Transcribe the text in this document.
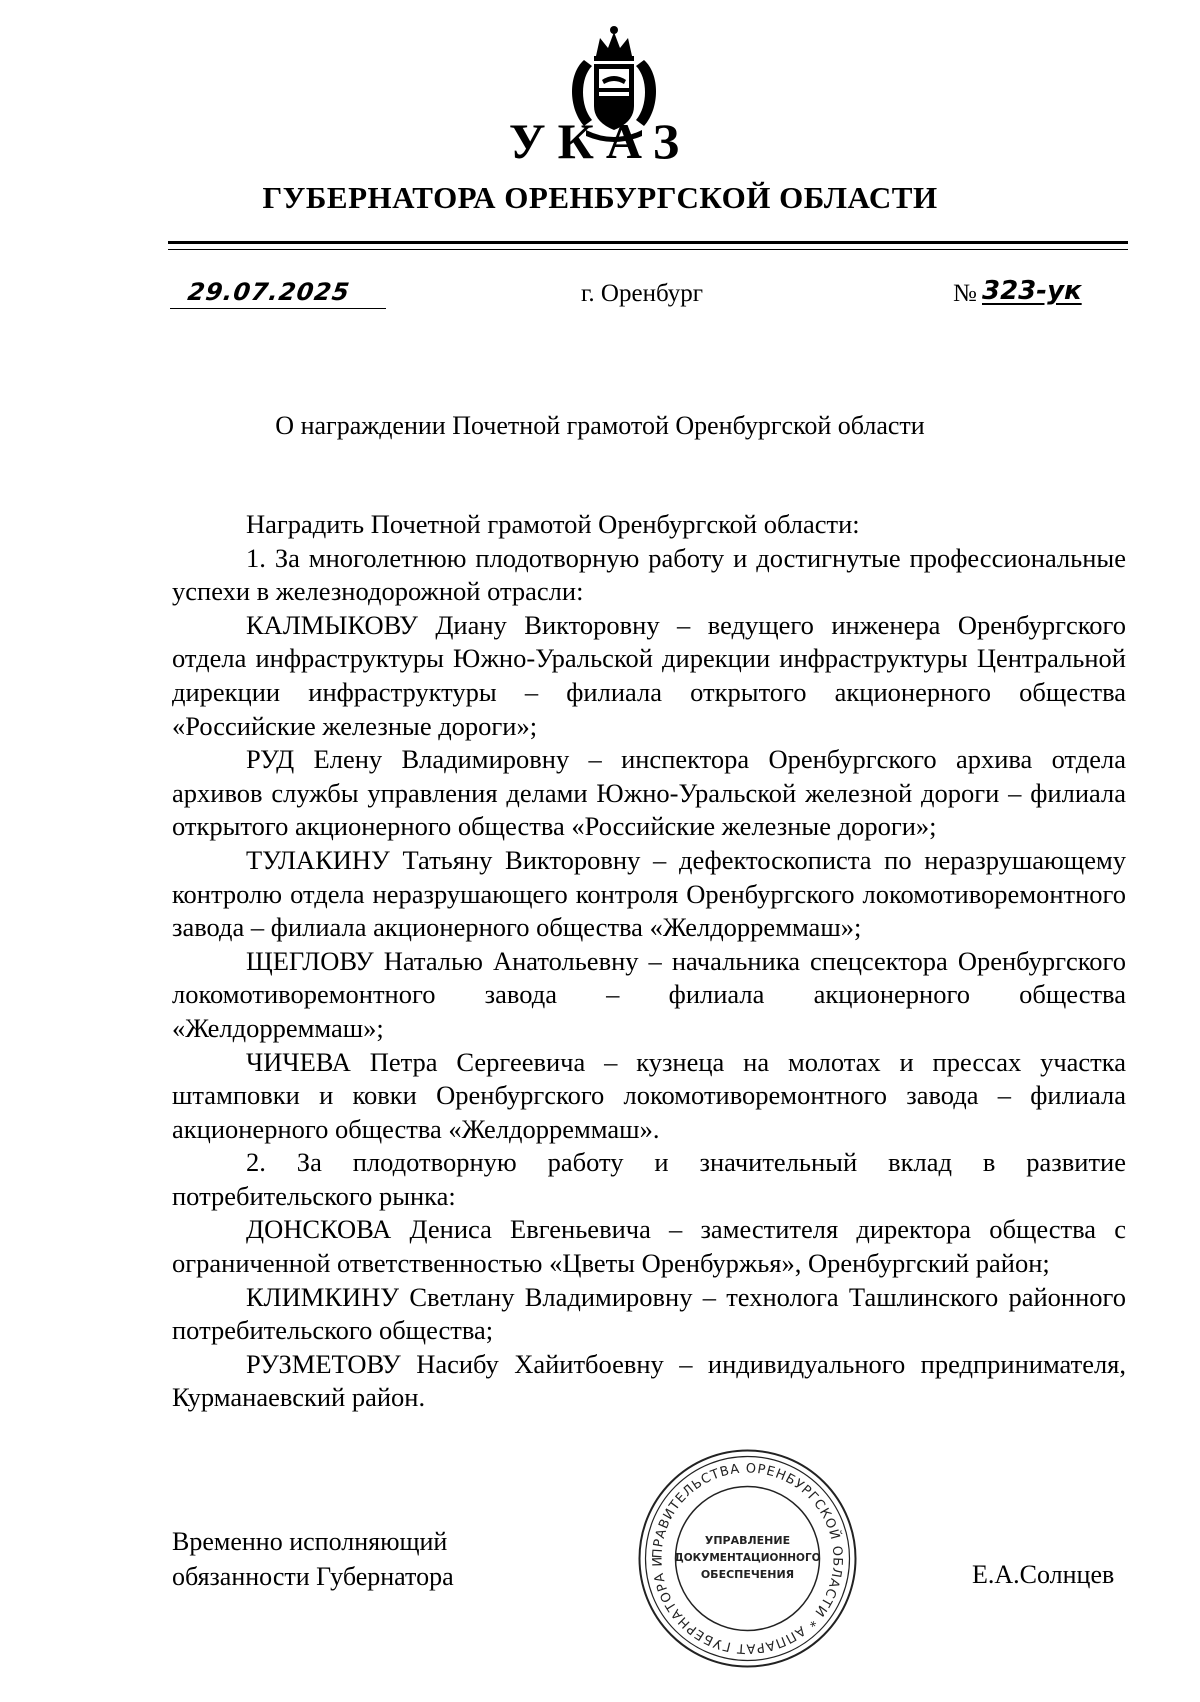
УКАЗ
ГУБЕРНАТОРА ОРЕНБУРГСКОЙ ОБЛАСТИ
29.07.2025	г. Оренбург	№ 323-ук
О награждении Почетной грамотой Оренбургской области

Наградить Почетной грамотой Оренбургской области:

1. За многолетнюю плодотворную работу и достигнутые профессиональные успехи в железнодорожной отрасли:

КАЛМЫКОВУ Диану Викторовну – ведущего инженера Оренбургского отдела инфраструктуры Южно-Уральской дирекции инфраструктуры Центральной дирекции инфраструктуры – филиала открытого акционерного общества «Российские железные дороги»;

РУД Елену Владимировну – инспектора Оренбургского архива отдела архивов службы управления делами Южно-Уральской железной дороги – филиала открытого акционерного общества «Российские железные дороги»;

ТУЛАКИНУ Татьяну Викторовну – дефектоскописта по неразрушающему контролю отдела неразрушающего контроля Оренбургского локомотиворемонтного завода – филиала акционерного общества «Желдорреммаш»;

ЩЕГЛОВУ Наталью Анатольевну – начальника спецсектора Оренбургского локомотиворемонтного завода – филиала акционерного общества «Желдорреммаш»;

ЧИЧЕВА Петра Сергеевича – кузнеца на молотах и прессах участка штамповки и ковки Оренбургского локомотиворемонтного завода – филиала акционерного общества «Желдорреммаш».

2. За плодотворную работу и значительный вклад в развитие потребительского рынка:

ДОНСКОВА Дениса Евгеньевича – заместителя директора общества с ограниченной ответственностью «Цветы Оренбуржья», Оренбургский район;

КЛИМКИНУ Светлану Владимировну – технолога Ташлинского районного потребительского общества;

РУЗМЕТОВУ Насибу Хайитбоевну – индивидуального предпринимателя, Курманаевский район.

Временно исполняющий
обязанности Губернатора	Е.А.Солнцев
ПРАВИТЕЛЬСТВА ОРЕНБУРГСКОЙ ОБЛАСТИ * АППАРАТ ГУБЕРНАТОРА И
УПРАВЛЕНИЕ
ДОКУМЕНТАЦИОННОГО
ОБЕСПЕЧЕНИЯ
